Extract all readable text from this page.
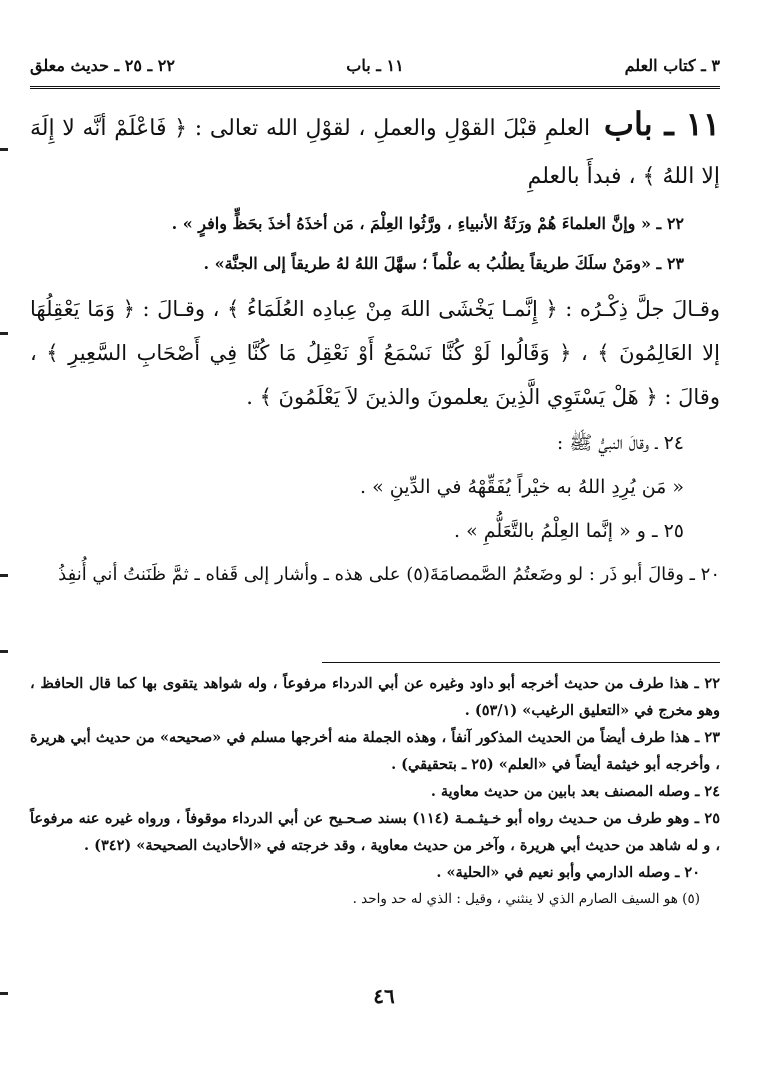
٣ ـ كتاب العلم
١١ ـ باب
٢٢ ـ ٢٥ ـ حديث معلق
١١ ـ باب العلمِ قبْلَ القوْلِ والعملِ ، لقوْلِ الله تعالى : ﴿ فَاعْلَمْ أنَّه لا إِلَهَ إلا اللهُ ﴾ ، فبدأَ بالعلمِ
٢٢ ـ « وإنَّ العلماءَ هُمْ ورَثَةُ الأنبياءِ ، ورَّثُوا العِلْمَ ، مَن أخذَهُ أخذَ بحَظٍّ وافرٍ » .
٢٣ ـ «ومَنْ سلَكَ طريقاً يطلُبُ به علْماً ؛ سهَّلَ اللهُ لهُ طريقاً إلى الجنَّة» .
وقـالَ جلَّ ذِكْـرُه : ﴿ إِنَّمـا يَخْشَى اللهَ مِنْ عِبادِه العُلَمَاءُ ﴾ ، وقـالَ : ﴿ وَمَا يَعْقِلُهَا إلا العَالِمُونَ ﴾ ، ﴿ وَقَالُوا لَوْ كُنَّا نَسْمَعُ أَوْ نَعْقِلُ مَا كُنَّا فِي أَصْحَابِ السَّعِيرِ ﴾ ، وقالَ : ﴿ هَلْ يَسْتَوِي الَّذِينَ يعلمونَ والذينَ لاَ يَعْلَمُونَ ﴾ .
٢٤ ـ وقالَ النبيُّ ﷺ :
« مَن يُرِدِ اللهُ به خيْراً يُفَقِّهْهُ في الدِّينِ » .
٢٥ ـ و « إنَّما العِلْمُ بالتَّعَلُّمِ » .
٢٠ ـ وقالَ أبو ذَر : لو وضَعتُمُ الصَّمصامَةَ(٥) على هذه ـ وأشار إلى قَفاه ـ ثمَّ ظَنَنتُ أني أُنفِذُ
٢٢ ـ هذا طرف من حديث أخرجه أبو داود وغيره عن أبي الدرداء مرفوعاً ، وله شواهد يتقوى بها كما قال الحافظ ، وهو مخرج في «التعليق الرغيب» (٥٣/١) .
٢٣ ـ هذا طرف أيضاً من الحديث المذكور آنفاً ، وهذه الجملة منه أخرجها مسلم في «صحيحه» من حديث أبي هريرة ، وأخرجه أبو خيثمة أيضاً في «العلم» (٢٥ ـ بتحقيقي) .
٢٤ ـ وصله المصنف بعد بابين من حديث معاوية .
٢٥ ـ وهو طرف من حـديث رواه أبو خـيثـمـة (١١٤) بسند صـحـيح عن أبي الدرداء موقوفاً ، ورواه غيره عنه مرفوعاً ، و له شاهد من حديث أبي هريرة ، وآخر من حديث معاوية ، وقد خرجته في «الأحاديث الصحيحة» (٣٤٢) .
٢٠ ـ وصله الدارمي وأبو نعيم في «الحلية» .
(٥) هو السيف الصارم الذي لا ينثني ، وقيل : الذي له حد واحد .
٤٦
